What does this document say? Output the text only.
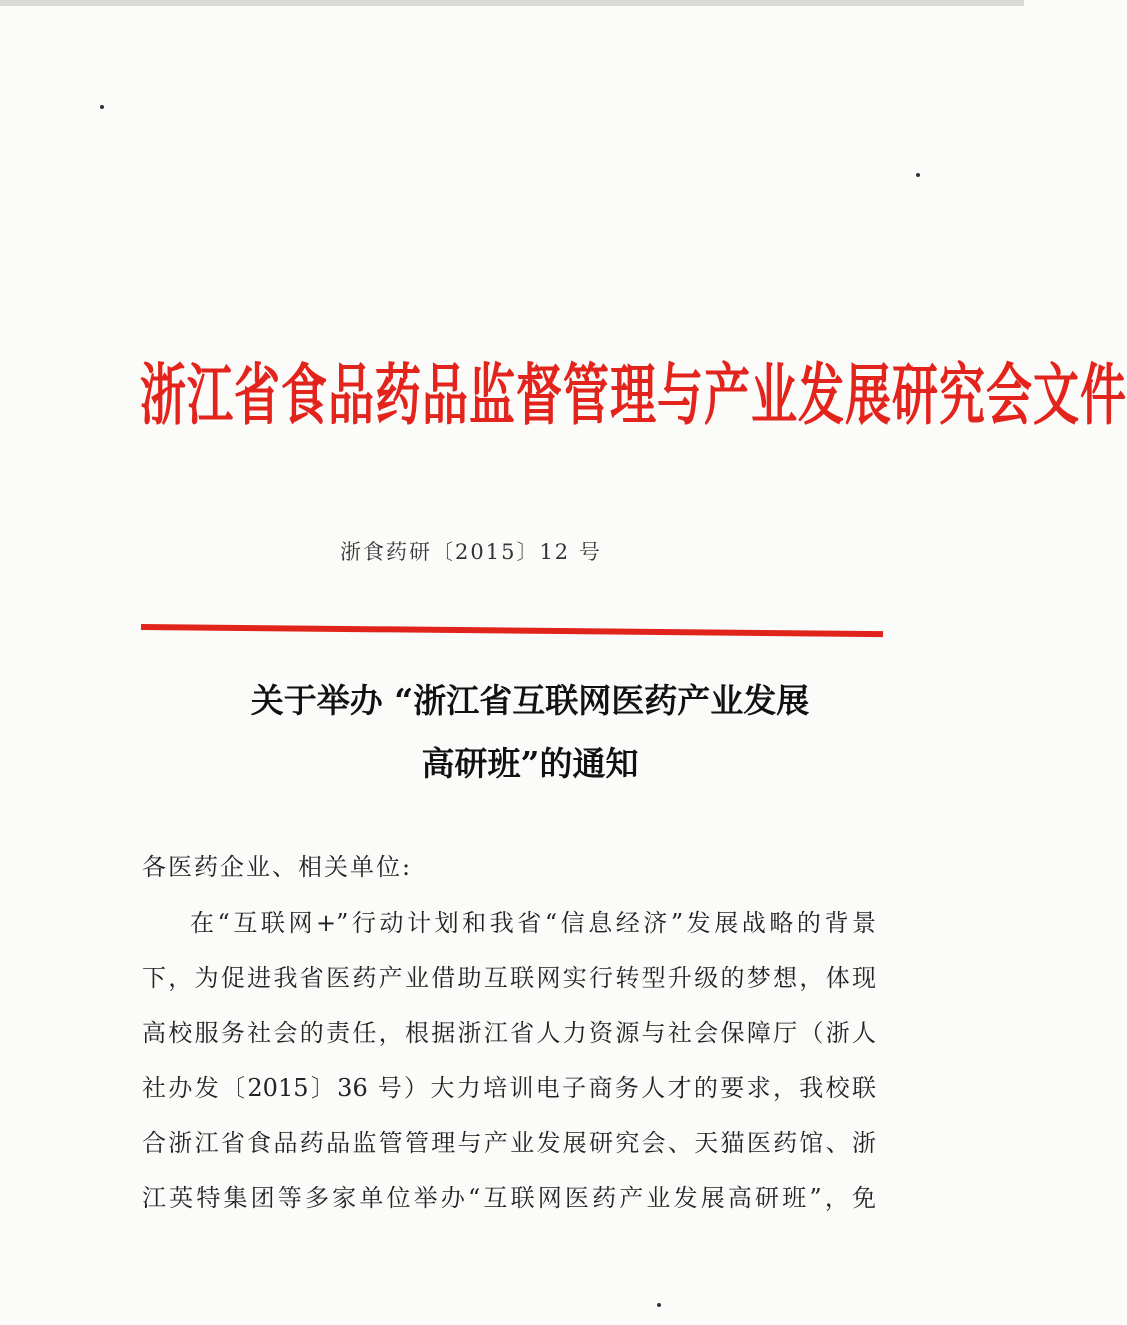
浙江省食品药品监督管理与产业发展研究会文件
浙食药研〔2015〕12 号
关于举办 “浙江省互联网医药产业发展
高研班”的通知
各医药企业、相关单位:
在“互联网+”行动计划和我省“信息经济”发展战略的背景
下，为促进我省医药产业借助互联网实行转型升级的梦想，体现
高校服务社会的责任，根据浙江省人力资源与社会保障厅（浙人
社办发〔2015〕36 号）大力培训电子商务人才的要求，我校联
合浙江省食品药品监管管理与产业发展研究会、天猫医药馆、浙
江英特集团等多家单位举办“互联网医药产业发展高研班”，免
